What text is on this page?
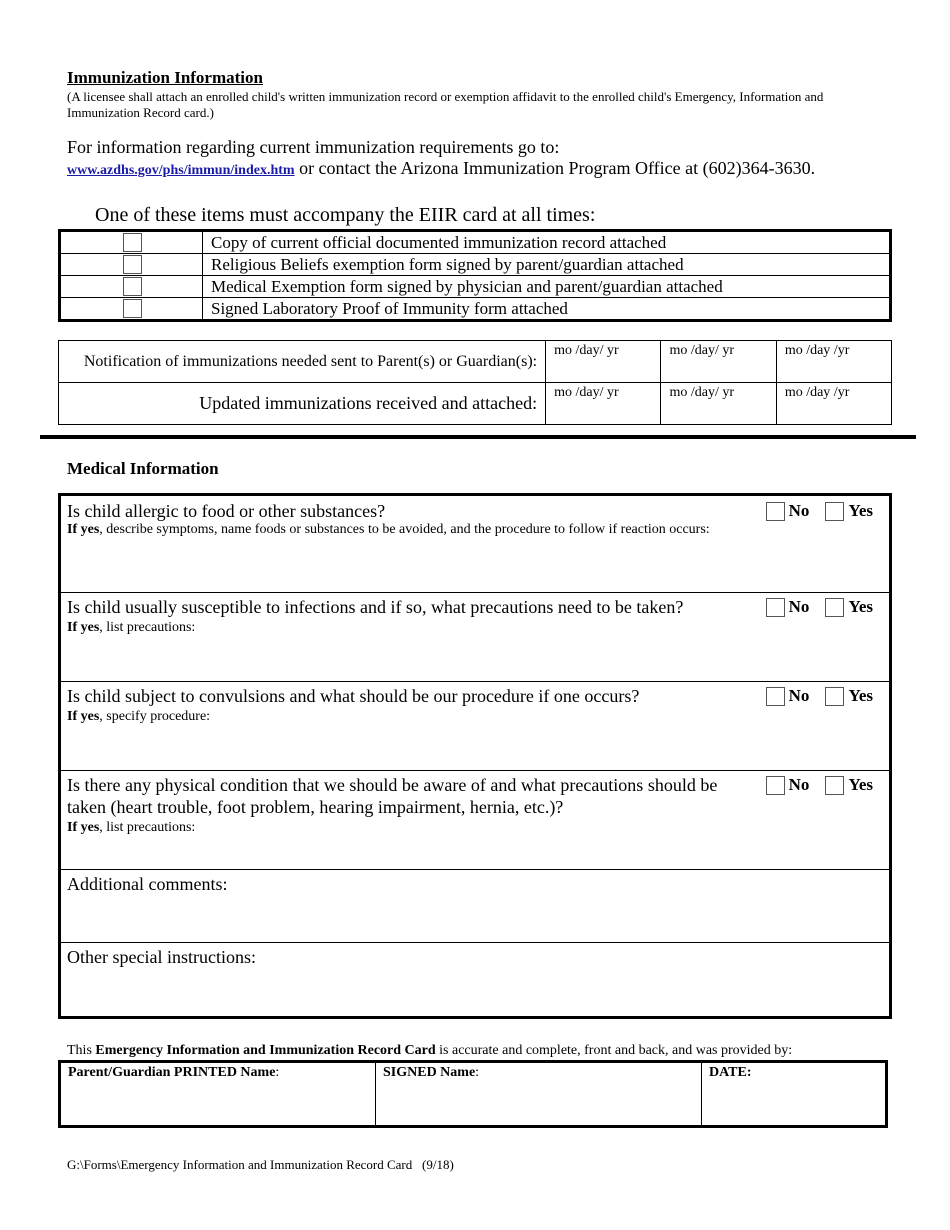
Immunization Information
(A licensee shall attach an enrolled child's written immunization record or exemption affidavit to the enrolled child's Emergency, Information and Immunization Record card.)
For information regarding current immunization requirements go to:
www.azdhs.gov/phs/immun/index.htm or contact the Arizona Immunization Program Office at (602)364-3630.
One of these items must accompany the EIIR card at all times:
	Copy of current official documented immunization record attached

	Religious Beliefs exemption form signed by parent/guardian attached

	Medical Exemption form signed by physician and parent/guardian attached

	Signed Laboratory Proof of Immunity form attached
Notification of immunizations needed sent to Parent(s) or Guardian(s):	mo /day/ yr	mo /day/ yr	mo /day /yr
Updated immunizations received and attached:	mo /day/ yr	mo /day/ yr	mo /day /yr
Medical Information
Is child allergic to food or other substances?
If yes, describe symptoms, name foods or substances to be avoided, and the procedure to follow if reaction occurs:
No Yes
Is child usually susceptible to infections and if so, what precautions need to be taken?
If yes, list precautions:
No Yes
Is child subject to convulsions and what should be our procedure if one occurs?
If yes, specify procedure:
No Yes
Is there any physical condition that we should be aware of and what precautions should be taken (heart trouble, foot problem, hearing impairment, hernia, etc.)?
If yes, list precautions:
No Yes
Additional comments:
Other special instructions:
This Emergency Information and Immunization Record Card is accurate and complete, front and back, and was provided by:
Parent/Guardian PRINTED Name:	SIGNED Name:	DATE:
G:\Forms\Emergency Information and Immunization Record Card   (9/18)
